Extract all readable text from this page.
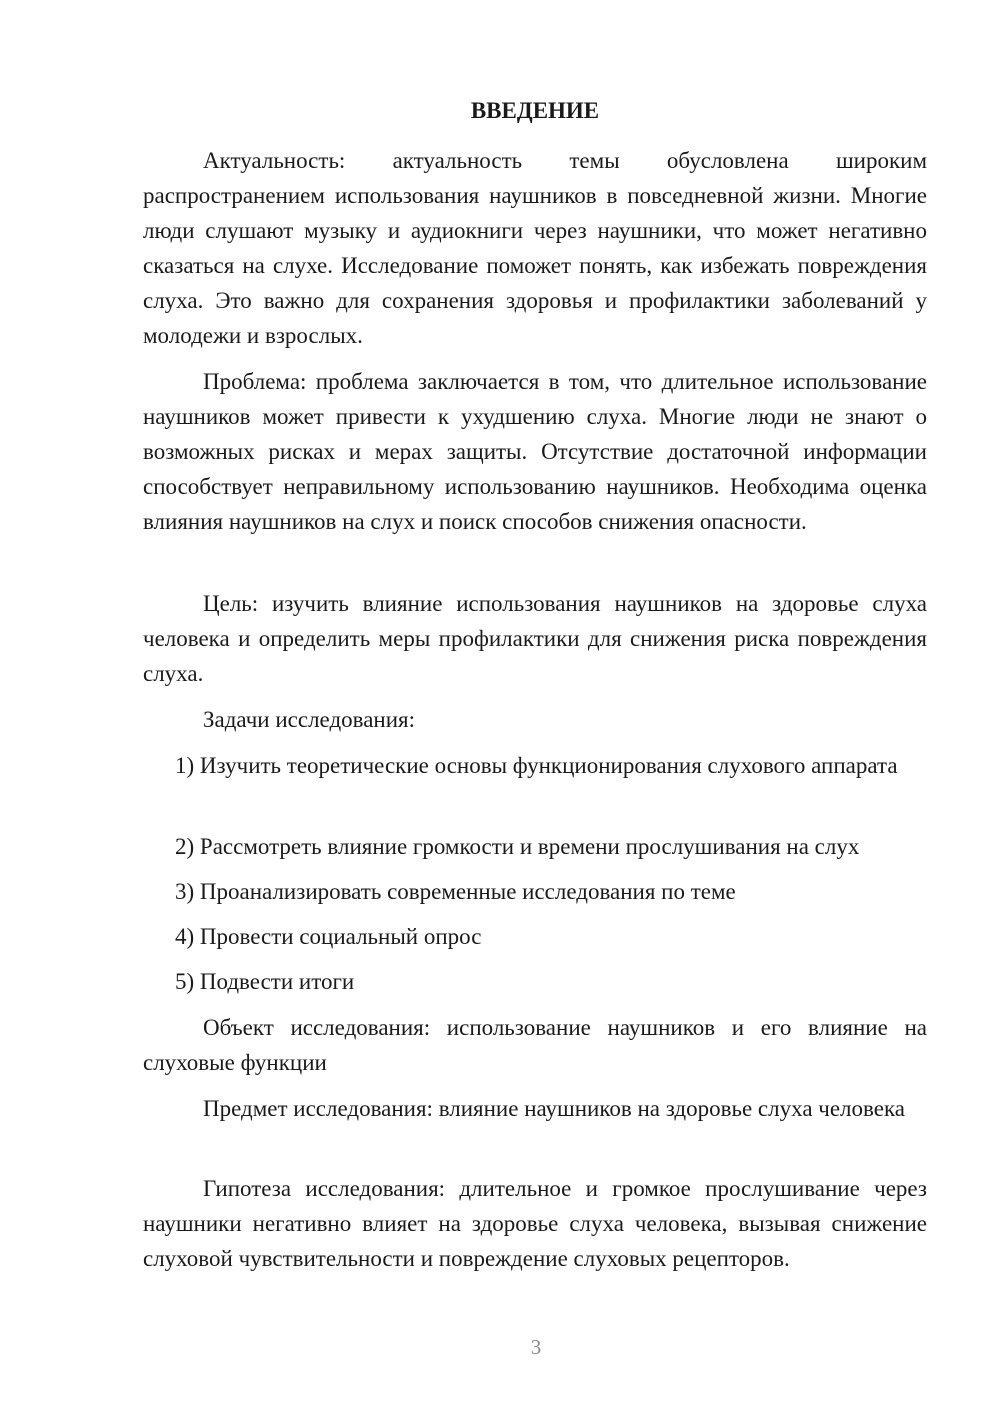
ВВЕДЕНИЕ

Актуальность: актуальность темы обусловлена широким распространением использования наушников в повседневной жизни. Многие люди слушают музыку и аудиокниги через наушники, что может негативно сказаться на слухе. Исследование поможет понять, как избежать повреждения слуха. Это важно для сохранения здоровья и профилактики заболеваний у молодежи и взрослых.

Проблема: проблема заключается в том, что длительное использование наушников может привести к ухудшению слуха. Многие люди не знают о возможных рисках и мерах защиты. Отсутствие достаточной информации способствует неправильному использованию наушников. Необходима оценка влияния наушников на слух и поиск способов снижения опасности.

Цель: изучить влияние использования наушников на здоровье слуха человека и определить меры профилактики для снижения риска повреждения слуха.

Задачи исследования:

1) Изучить теоретические основы функционирования слухового аппарата

2) Рассмотреть влияние громкости и времени прослушивания на слух

3) Проанализировать современные исследования по теме

4) Провести социальный опрос

5) Подвести итоги

Объект исследования: использование наушников и его влияние на слуховые функции

Предмет исследования: влияние наушников на здоровье слуха человека

Гипотеза исследования: длительное и громкое прослушивание через наушники негативно влияет на здоровье слуха человека, вызывая снижение слуховой чувствительности и повреждение слуховых рецепторов.

3
